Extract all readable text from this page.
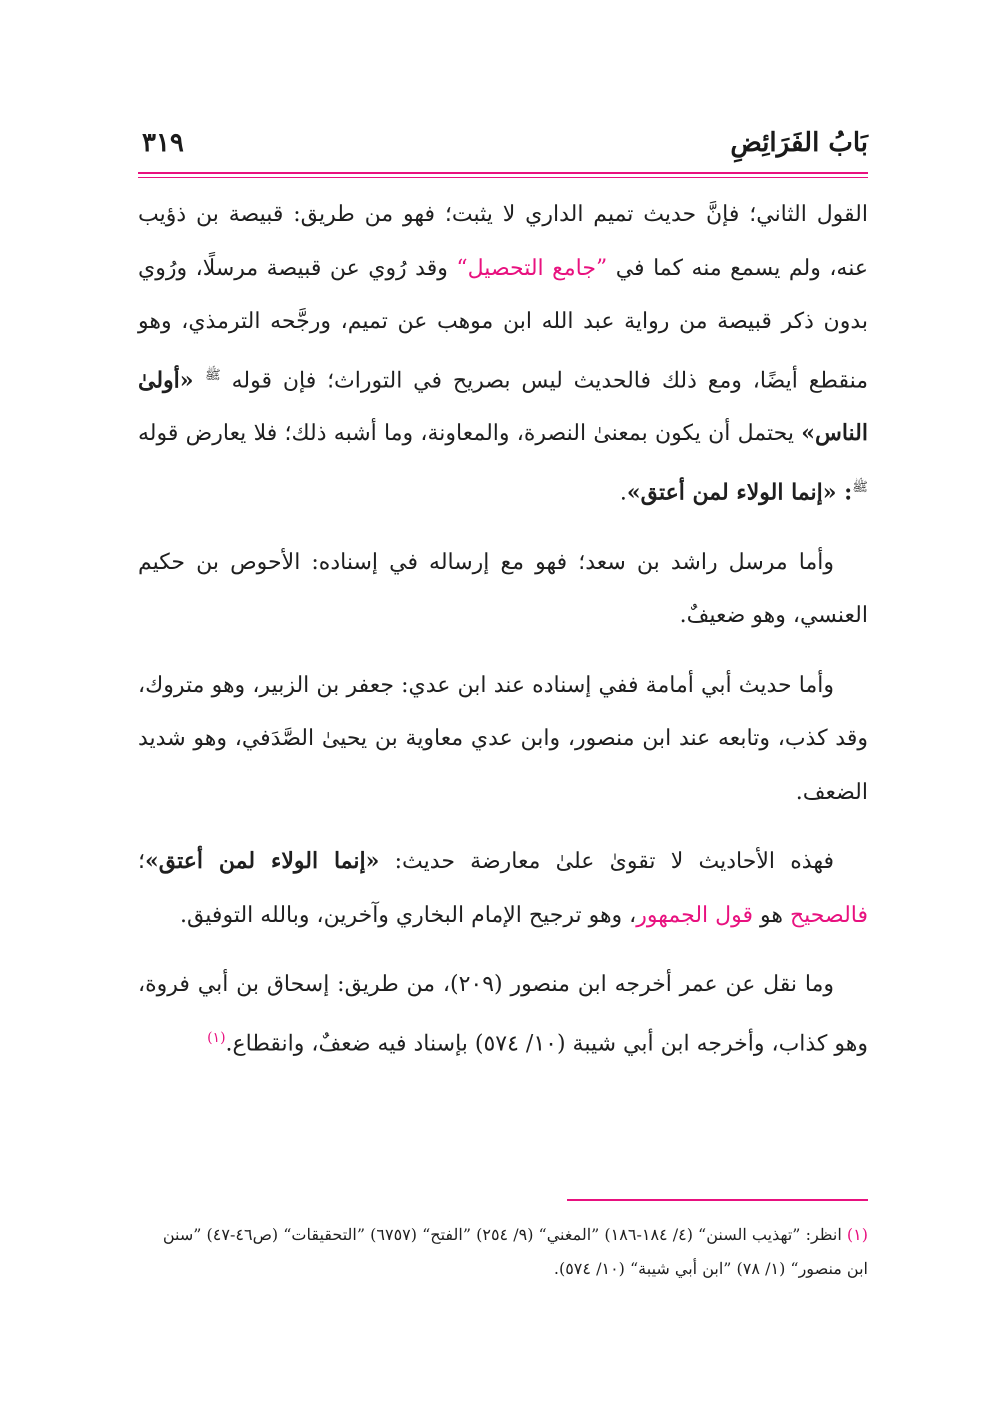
بَابُ الفَرَائِضِ
٣١٩

القول الثاني؛ فإنَّ حديث تميم الداري لا يثبت؛ فهو من طريق: قبيصة بن ذؤيب عنه، ولم يسمع منه كما في ”جامع التحصيل“ وقد رُوي عن قبيصة مرسلًا، ورُوي بدون ذكر قبيصة من رواية عبد الله ابن موهب عن تميم، ورجَّحه الترمذي، وهو منقطع أيضًا، ومع ذلك فالحديث ليس بصريح في التوراث؛ فإن قوله $^ﷺ$ «أولىٰ الناس» يحتمل أن يكون بمعنىٰ النصرة، والمعاونة، وما أشبه ذلك؛ فلا يعارض قوله $^ﷺ$: «إنما الولاء لمن أعتق».

وأما مرسل راشد بن سعد؛ فهو مع إرساله في إسناده: الأحوص بن حكيم العنسي، وهو ضعيفٌ.

وأما حديث أبي أمامة ففي إسناده عند ابن عدي: جعفر بن الزبير، وهو متروك، وقد كذب، وتابعه عند ابن منصور، وابن عدي معاوية بن يحيىٰ الصَّدَفي، وهو شديد الضعف.

فهذه الأحاديث لا تقوىٰ علىٰ معارضة حديث: «إنما الولاء لمن أعتق»؛ فالصحيح هو قول الجمهور، وهو ترجيح الإمام البخاري وآخرين، وبالله التوفيق.

وما نقل عن عمر أخرجه ابن منصور (٢٠٩)، من طريق: إسحاق بن أبي فروة، وهو كذاب، وأخرجه ابن أبي شيبة (١٠/ ٥٧٤) بإسناد فيه ضعفٌ، وانقطاع.$^{(١)}$

(١) انظر: ”تهذيب السنن“ (٤/ ١٨٤-١٨٦) ”المغني“ (٩/ ٢٥٤) ”الفتح“ (٦٧٥٧) ”التحقيقات“ (ص٤٦-٤٧) ”سنن ابن منصور“ (١/ ٧٨) ”ابن أبي شيبة“ (١٠/ ٥٧٤).
